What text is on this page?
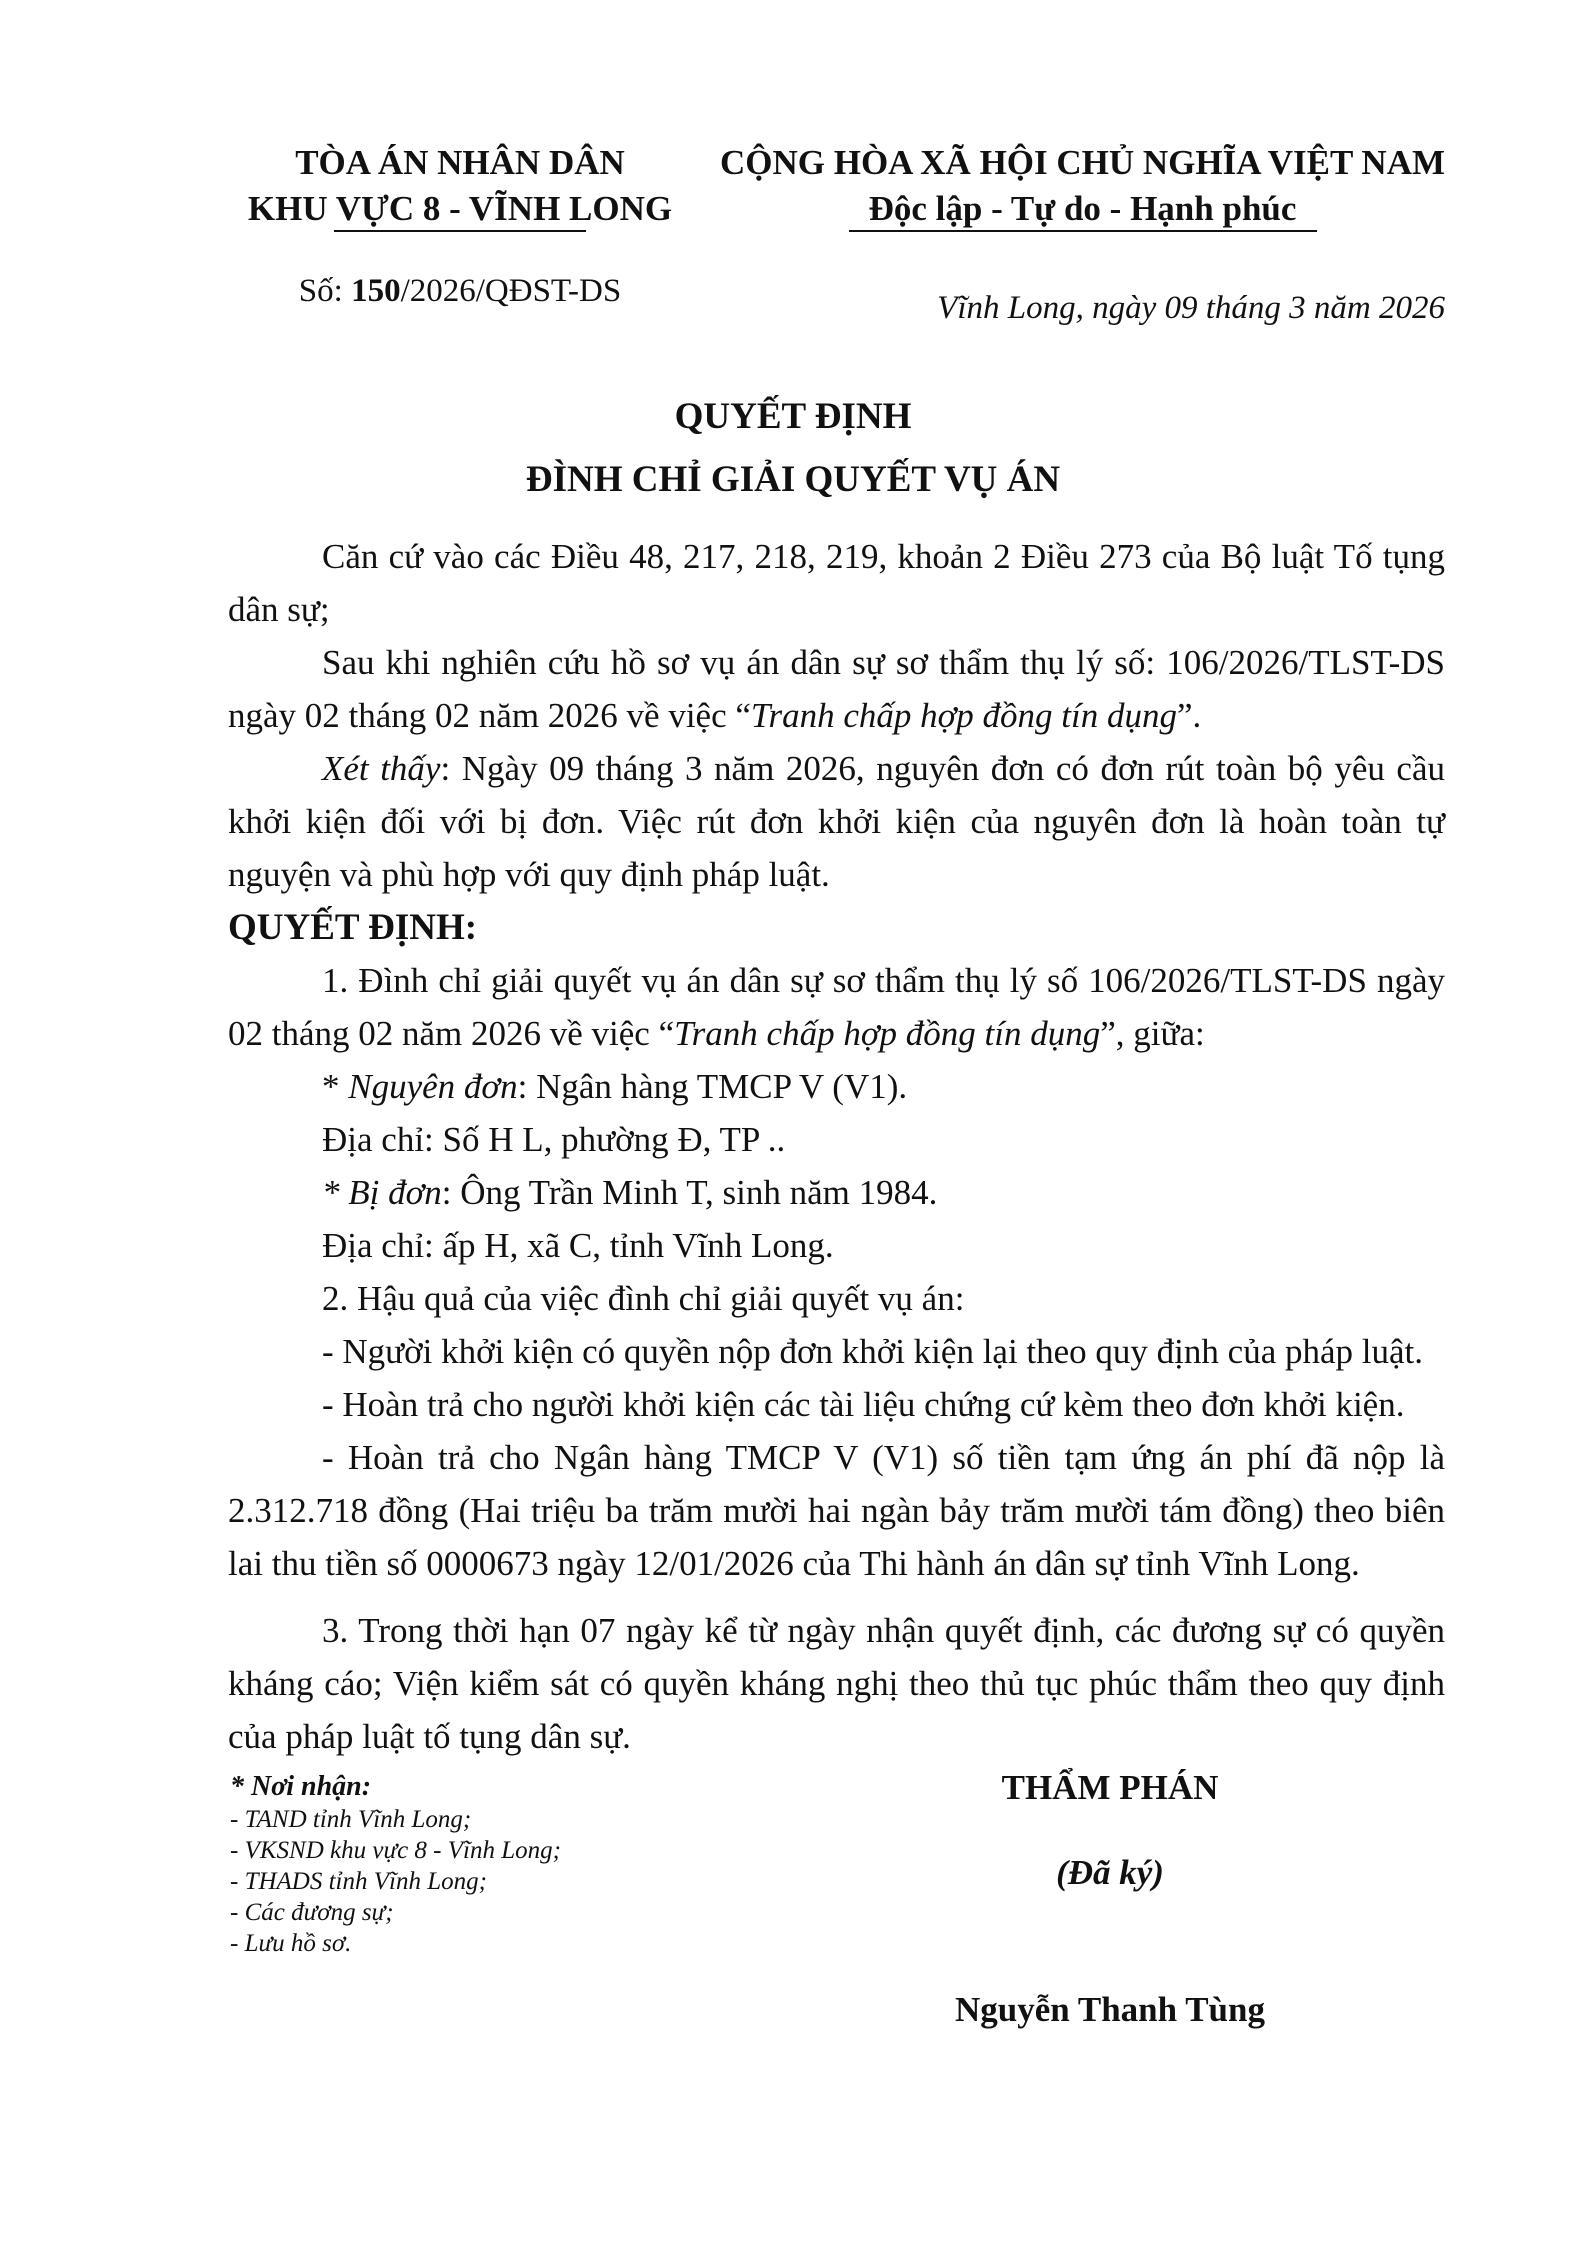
TÒA ÁN NHÂN DÂN
KHU VỰC 8 - VĨNH LONG
CỘNG HÒA XÃ HỘI CHỦ NGHĨA VIỆT NAM
Độc lập - Tự do - Hạnh phúc
Số: 150/2026/QĐST-DS	Vĩnh Long, ngày 09 tháng 3 năm 2026
QUYẾT ĐỊNH
ĐÌNH CHỈ GIẢI QUYẾT VỤ ÁN

Căn cứ vào các Điều 48, 217, 218, 219, khoản 2 Điều 273 của Bộ luật Tố tụng dân sự;

Sau khi nghiên cứu hồ sơ vụ án dân sự sơ thẩm thụ lý số: 106/2026/TLST-DS ngày 02 tháng 02 năm 2026 về việc “Tranh chấp hợp đồng tín dụng”.

Xét thấy: Ngày 09 tháng 3 năm 2026, nguyên đơn có đơn rút toàn bộ yêu cầu khởi kiện đối với bị đơn. Việc rút đơn khởi kiện của nguyên đơn là hoàn toàn tự nguyện và phù hợp với quy định pháp luật.

QUYẾT ĐỊNH:

1. Đình chỉ giải quyết vụ án dân sự sơ thẩm thụ lý số 106/2026/TLST-DS ngày 02 tháng 02 năm 2026 về việc “Tranh chấp hợp đồng tín dụng”, giữa:

* Nguyên đơn: Ngân hàng TMCP V (V1).

Địa chỉ: Số H L, phường Đ, TP ..

* Bị đơn: Ông Trần Minh T, sinh năm 1984.

Địa chỉ: ấp H, xã C, tỉnh Vĩnh Long.

2. Hậu quả của việc đình chỉ giải quyết vụ án:

- Người khởi kiện có quyền nộp đơn khởi kiện lại theo quy định của pháp luật.

- Hoàn trả cho người khởi kiện các tài liệu chứng cứ kèm theo đơn khởi kiện.

- Hoàn trả cho Ngân hàng TMCP V (V1) số tiền tạm ứng án phí đã nộp là 2.312.718 đồng (Hai triệu ba trăm mười hai ngàn bảy trăm mười tám đồng) theo biên lai thu tiền số 0000673 ngày 12/01/2026 của Thi hành án dân sự tỉnh Vĩnh Long.

3. Trong thời hạn 07 ngày kể từ ngày nhận quyết định, các đương sự có quyền kháng cáo; Viện kiểm sát có quyền kháng nghị theo thủ tục phúc thẩm theo quy định của pháp luật tố tụng dân sự.

* Nơi nhận:
- TAND tỉnh Vĩnh Long;
- VKSND khu vực 8 - Vĩnh Long;
- THADS tỉnh Vĩnh Long;
- Các đương sự;
- Lưu hồ sơ.
THẨM PHÁN
(Đã ký)
Nguyễn Thanh Tùng
